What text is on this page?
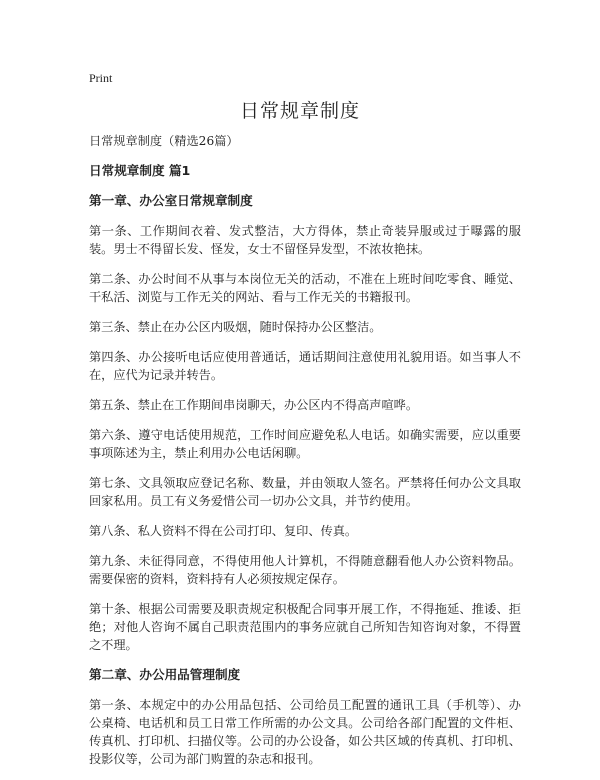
Print
日常规章制度

日常规章制度（精选26篇）

日常规章制度 篇1

第一章、办公室日常规章制度

第一条、工作期间衣着、发式整洁，大方得体，禁止奇装异服或过于曝露的服装。男士不得留长发、怪发，女士不留怪异发型，不浓妆艳抹。

第二条、办公时间不从事与本岗位无关的活动，不准在上班时间吃零食、睡觉、干私活、浏览与工作无关的网站、看与工作无关的书籍报刊。

第三条、禁止在办公区内吸烟，随时保持办公区整洁。

第四条、办公接听电话应使用普通话，通话期间注意使用礼貌用语。如当事人不在，应代为记录并转告。

第五条、禁止在工作期间串岗聊天，办公区内不得高声喧哗。

第六条、遵守电话使用规范，工作时间应避免私人电话。如确实需要，应以重要事项陈述为主，禁止利用办公电话闲聊。

第七条、文具领取应登记名称、数量，并由领取人签名。严禁将任何办公文具取回家私用。员工有义务爱惜公司一切办公文具，并节约使用。

第八条、私人资料不得在公司打印、复印、传真。

第九条、未征得同意，不得使用他人计算机，不得随意翻看他人办公资料物品。需要保密的资料，资料持有人必须按规定保存。

第十条、根据公司需要及职责规定积极配合同事开展工作，不得拖延、推诿、拒绝；对他人咨询不属自己职责范围内的事务应就自己所知告知咨询对象，不得置之不理。

第二章、办公用品管理制度

第一条、本规定中的办公用品包括、公司给员工配置的通讯工具（手机等）、办公桌椅、电话机和员工日常工作所需的办公文具。公司给各部门配置的文件柜、传真机、打印机、扫描仪等。公司的办公设备，如公共区域的传真机、打印机、投影仪等，公司为部门购置的杂志和报刊。
